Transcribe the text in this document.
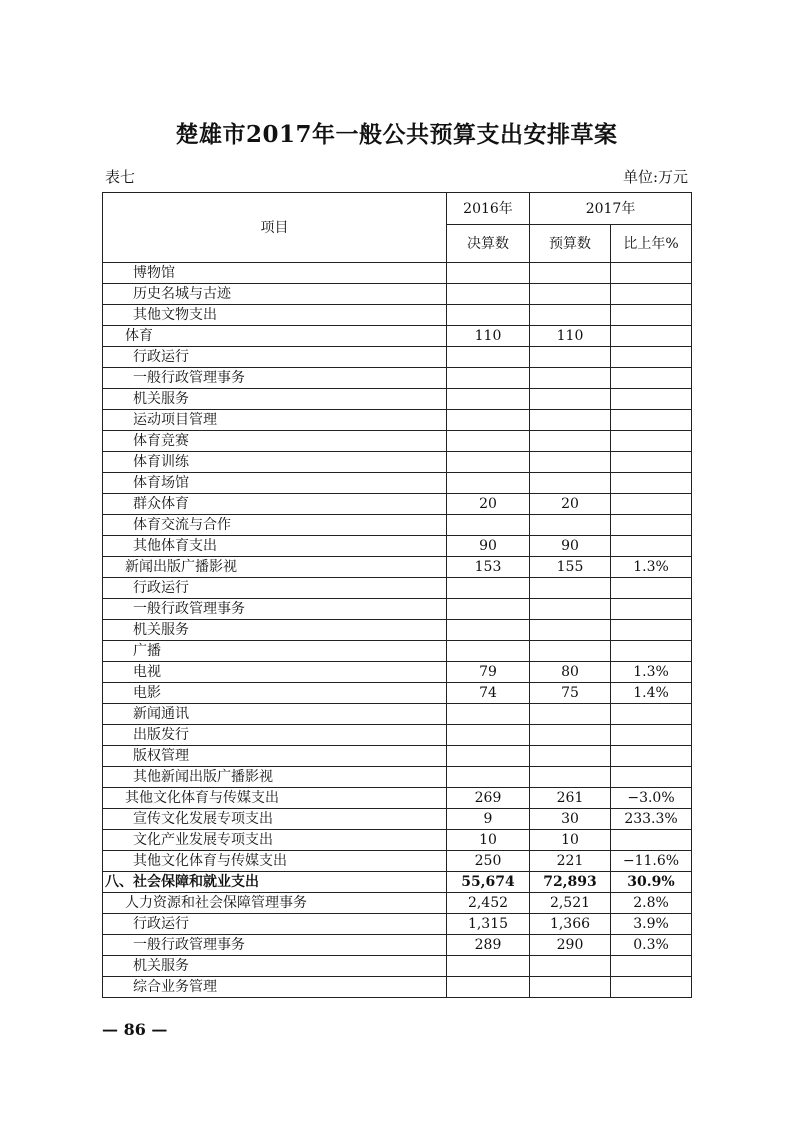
楚雄市2017年一般公共预算支出安排草案
表七	单位:万元
项目	2016年	2017年	
	决算数	预算数	比上年%
博物馆			
历史名城与古迹			
其他文物支出			
体育	110	110	
行政运行			
一般行政管理事务			
机关服务			
运动项目管理			
体育竞赛			
体育训练			
体育场馆			
群众体育	20	20	
体育交流与合作			
其他体育支出	90	90	
新闻出版广播影视	153	155	1.3%
行政运行			
一般行政管理事务			
机关服务			
广播			
电视	79	80	1.3%
电影	74	75	1.4%
新闻通讯			
出版发行			
版权管理			
其他新闻出版广播影视			
其他文化体育与传媒支出	269	261	−3.0%
宣传文化发展专项支出	9	30	233.3%
文化产业发展专项支出	10	10	
其他文化体育与传媒支出	250	221	−11.6%
八、社会保障和就业支出	55,674	72,893	30.9%
人力资源和社会保障管理事务	2,452	2,521	2.8%
行政运行	1,315	1,366	3.9%
一般行政管理事务	289	290	0.3%
机关服务			
综合业务管理			
— 86 —
